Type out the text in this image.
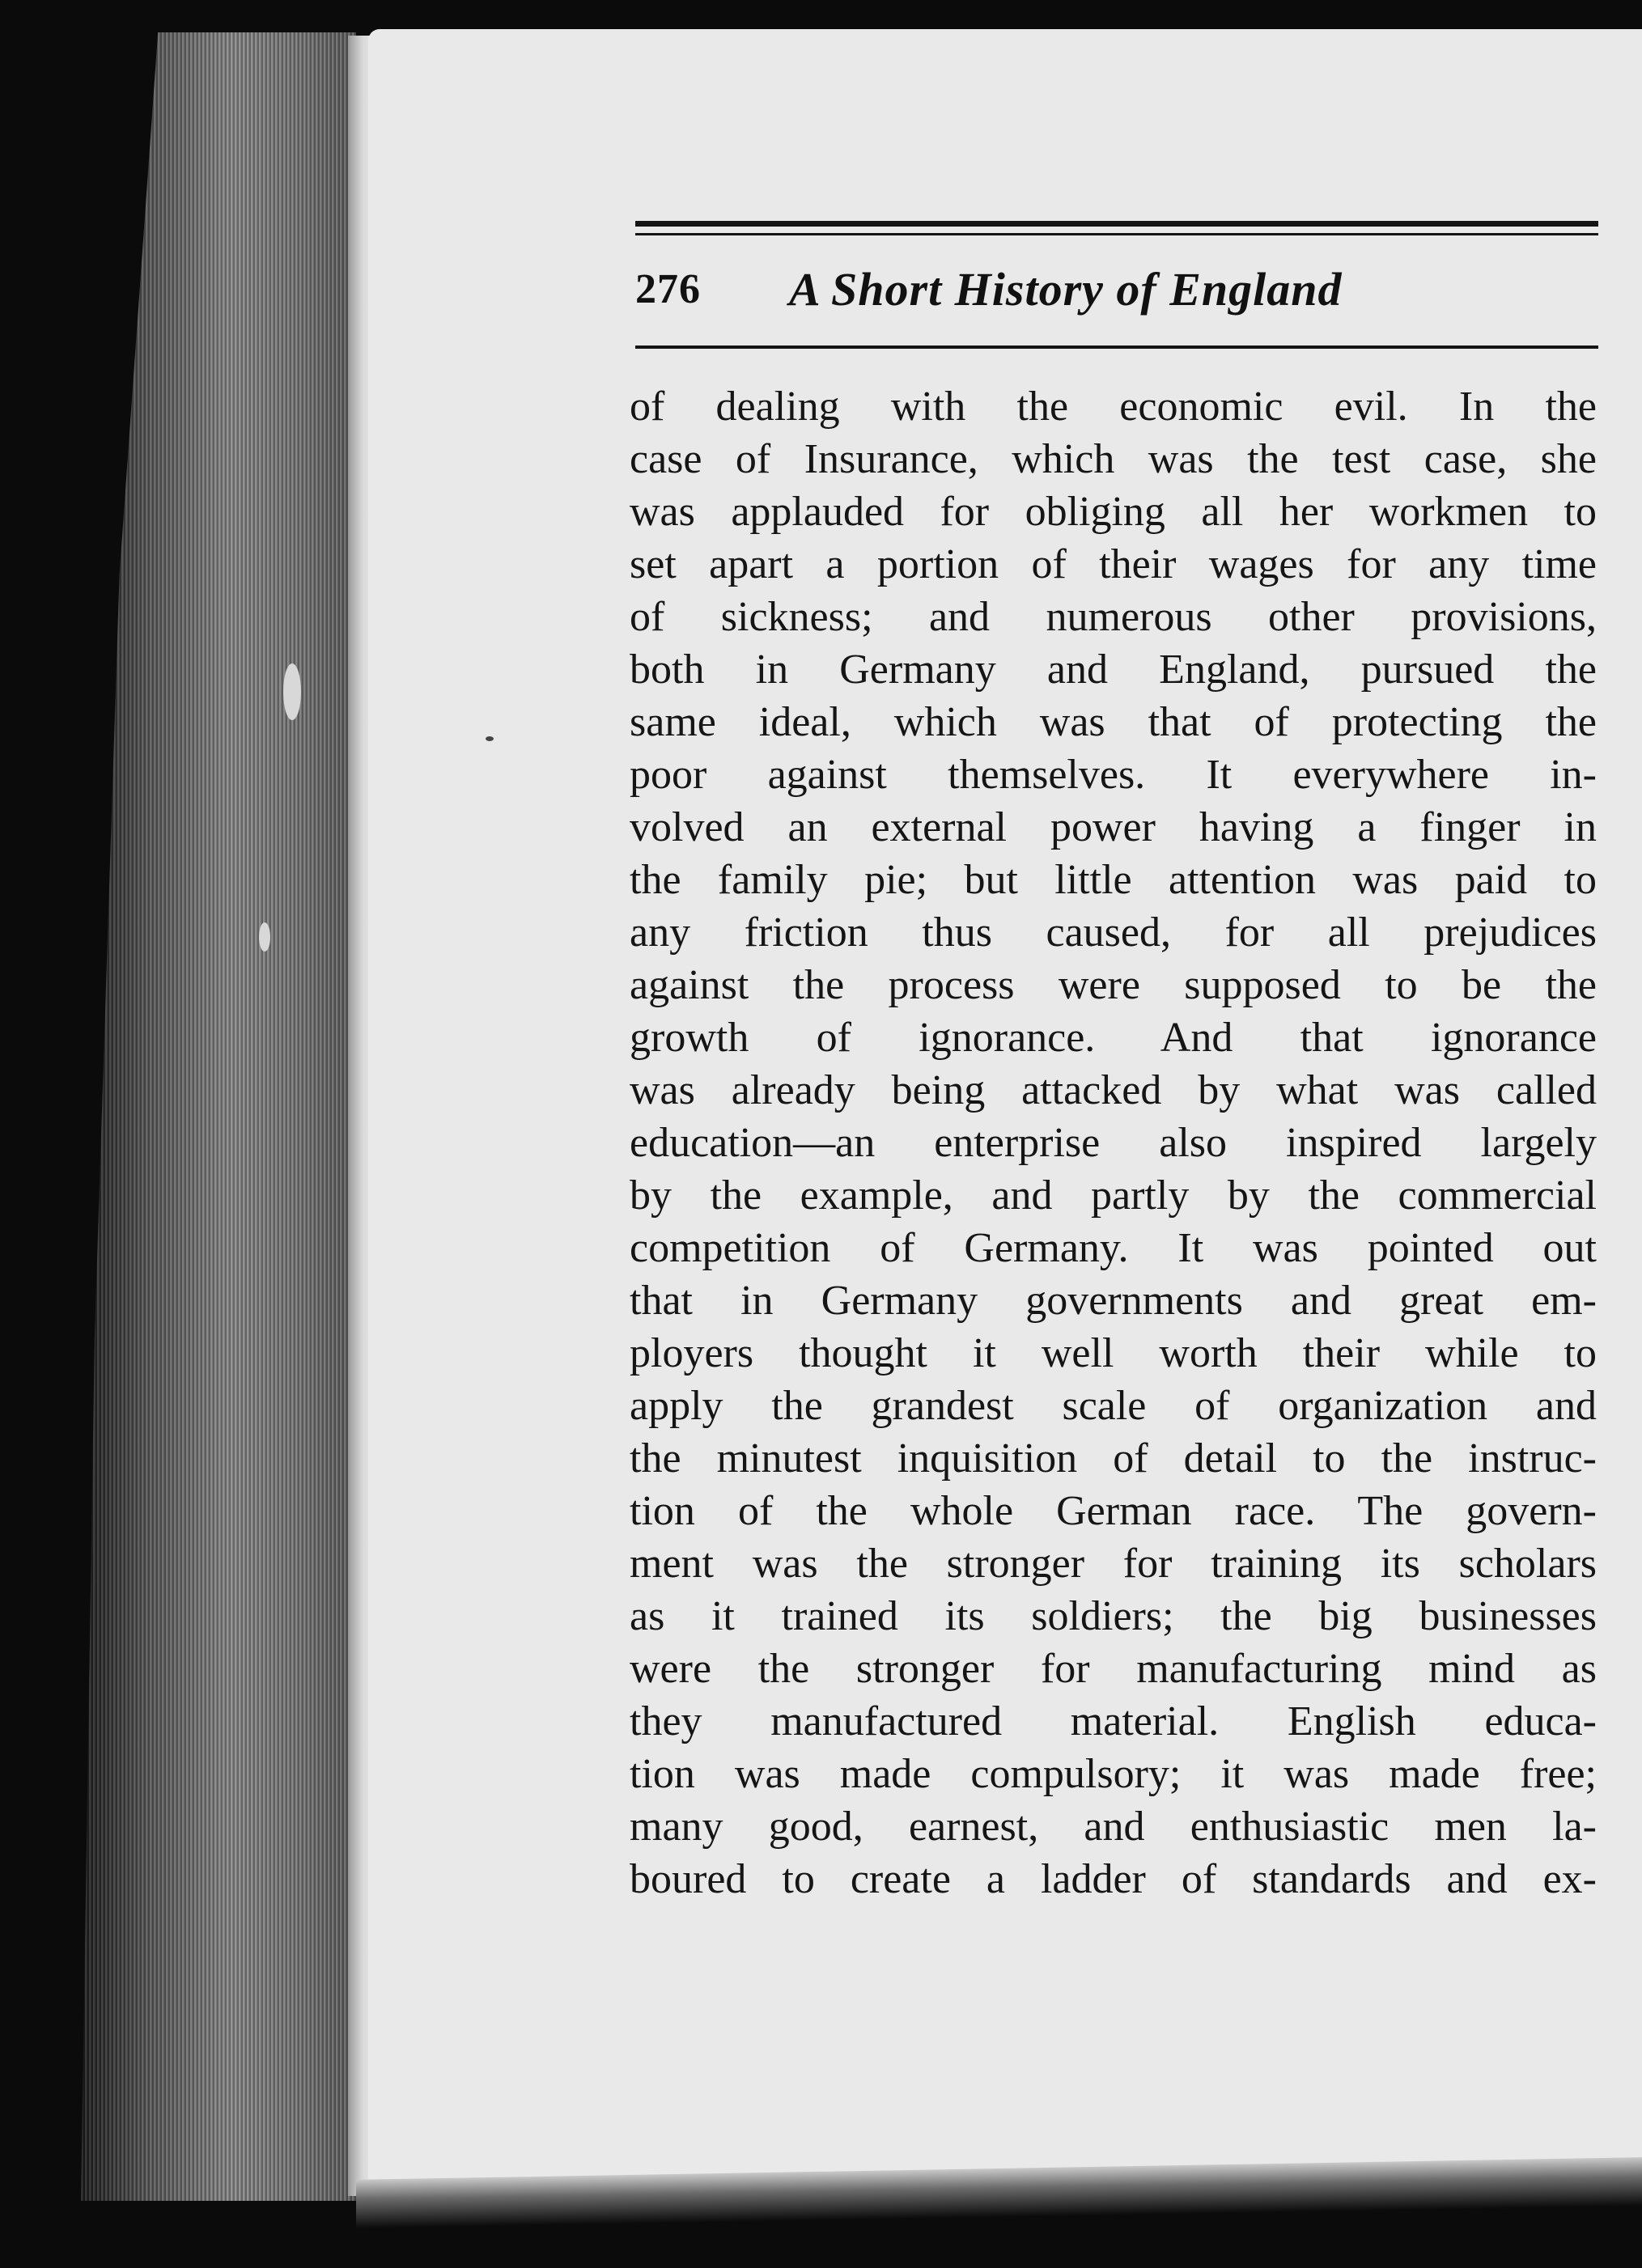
276 A Short History of England
of dealing with the economic evil. In the
case of Insurance, which was the test case, she
was applauded for obliging all her workmen to
set apart a portion of their wages for any time
of sickness; and numerous other provisions,
both in Germany and England, pursued the
same ideal, which was that of protecting the
poor against themselves. It everywhere in-
volved an external power having a finger in
the family pie; but little attention was paid to
any friction thus caused, for all prejudices
against the process were supposed to be the
growth of ignorance. And that ignorance
was already being attacked by what was called
education—an enterprise also inspired largely
by the example, and partly by the commercial
competition of Germany. It was pointed out
that in Germany governments and great em-
ployers thought it well worth their while to
apply the grandest scale of organization and
the minutest inquisition of detail to the instruc-
tion of the whole German race. The govern-
ment was the stronger for training its scholars
as it trained its soldiers; the big businesses
were the stronger for manufacturing mind as
they manufactured material. English educa-
tion was made compulsory; it was made free;
many good, earnest, and enthusiastic men la-
boured to create a ladder of standards and ex-
